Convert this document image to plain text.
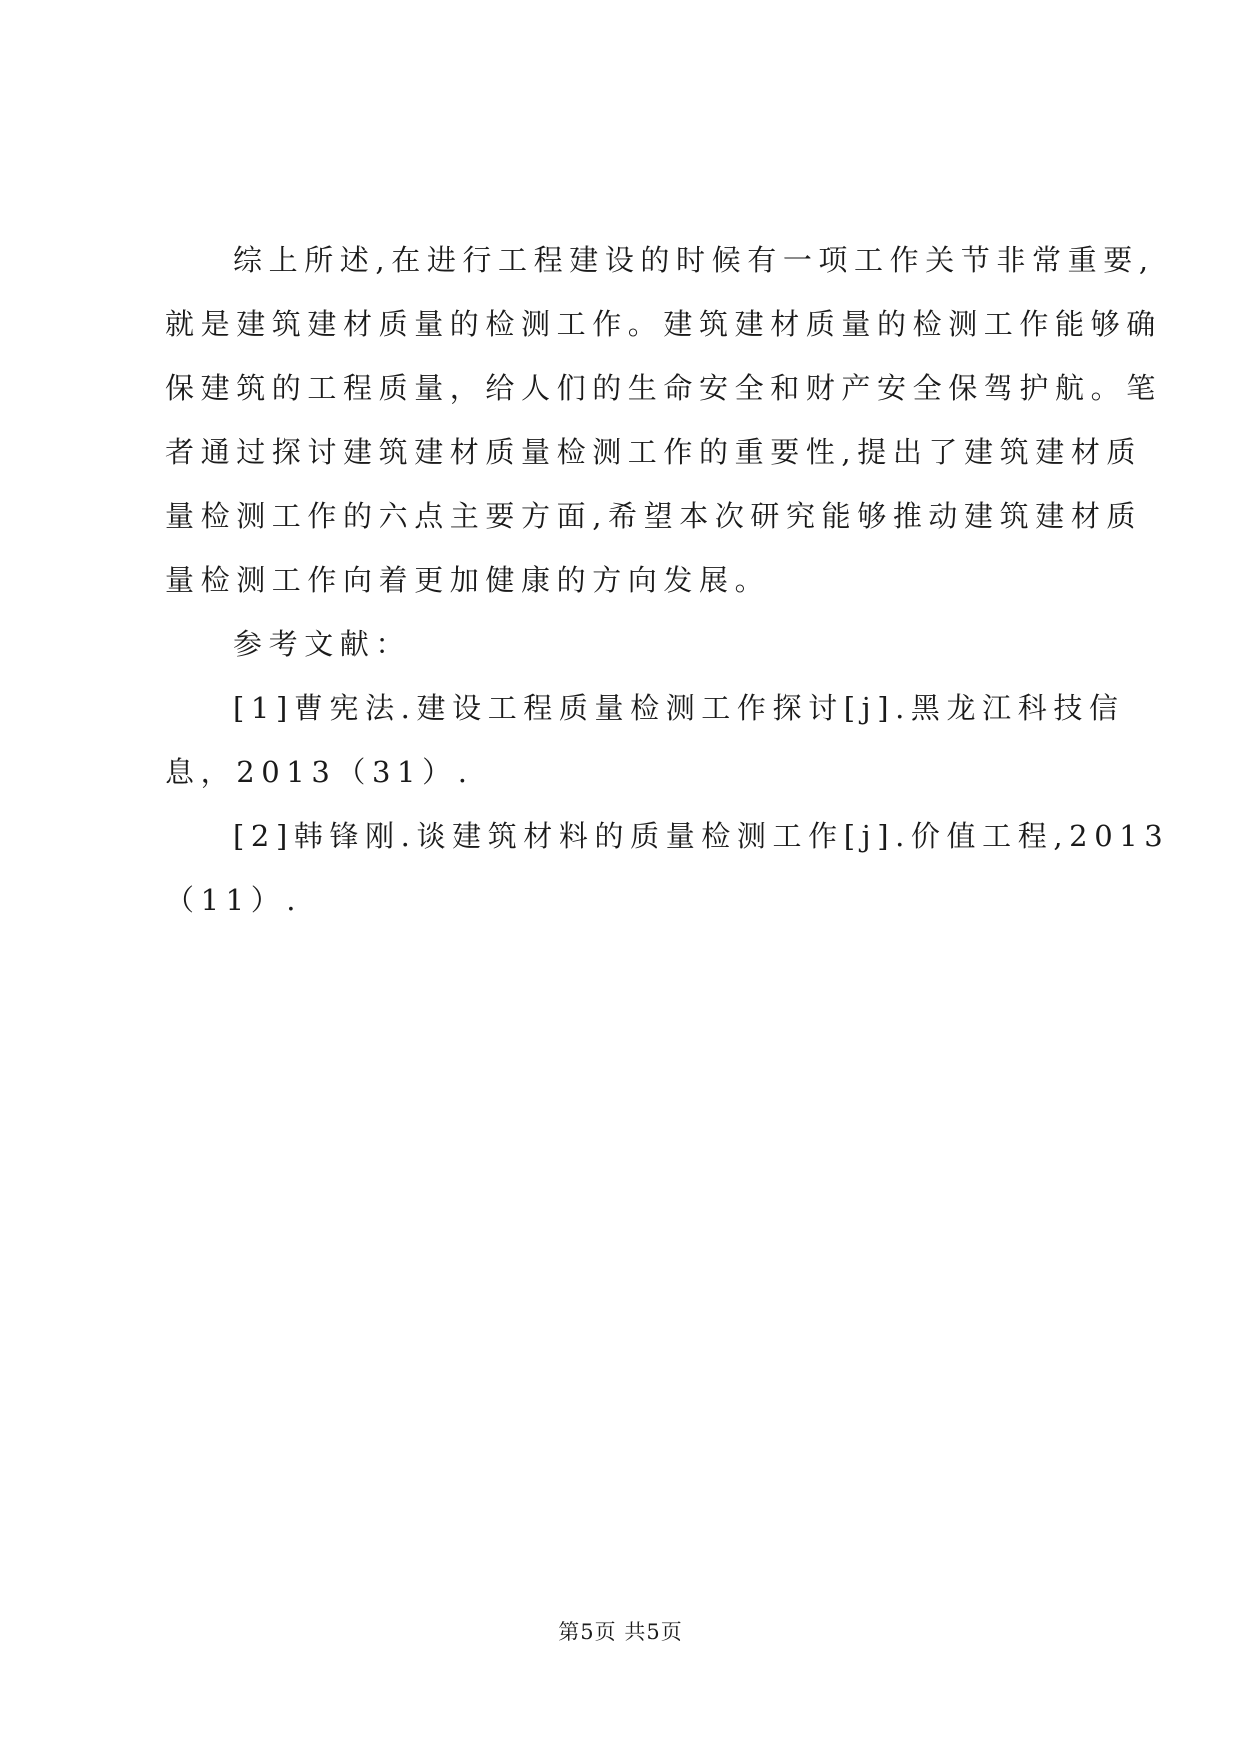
综上所述,在进行工程建设的时候有一项工作关节非常重要,
就是建筑建材质量的检测工作。建筑建材质量的检测工作能够确
保建筑的工程质量，给人们的生命安全和财产安全保驾护航。笔
者通过探讨建筑建材质量检测工作的重要性,提出了建筑建材质
量检测工作的六点主要方面,希望本次研究能够推动建筑建材质
量检测工作向着更加健康的方向发展。
参考文献：
[1]曹宪法.建设工程质量检测工作探讨[j].黑龙江科技信
息，2013（31）.
[2]韩锋刚.谈建筑材料的质量检测工作[j].价值工程,2013
（11）.
第5页 共5页
